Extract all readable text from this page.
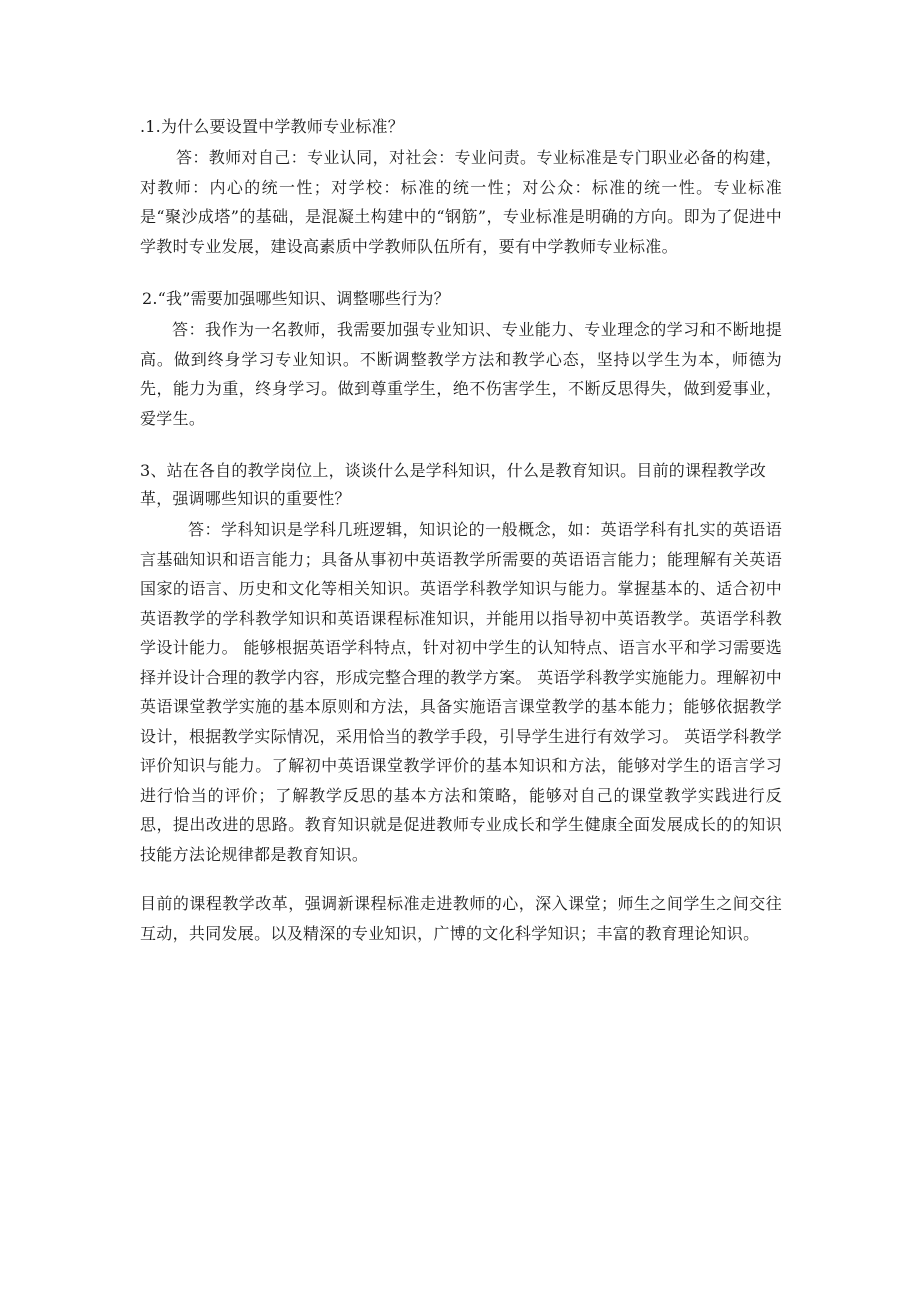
.1.为什么要设置中学教师专业标准？

答：教师对自己：专业认同，对社会：专业问责。专业标准是专门职业必备的构建，对教师：内心的统一性；对学校：标准的统一性；对公众：标准的统一性。专业标准是“聚沙成塔”的基础，是混凝土构建中的“钢筋”，专业标准是明确的方向。即为了促进中学教时专业发展，建设高素质中学教师队伍所有，要有中学教师专业标准。

2.“我”需要加强哪些知识、调整哪些行为？

答：我作为一名教师，我需要加强专业知识、专业能力、专业理念的学习和不断地提高。做到终身学习专业知识。不断调整教学方法和教学心态，坚持以学生为本，师德为先，能力为重，终身学习。做到尊重学生，绝不伤害学生，不断反思得失，做到爱事业，爱学生。

3、站在各自的教学岗位上，谈谈什么是学科知识，什么是教育知识。目前的课程教学改革，强调哪些知识的重要性？

答：学科知识是学科几班逻辑，知识论的一般概念，如：英语学科有扎实的英语语言基础知识和语言能力；具备从事初中英语教学所需要的英语语言能力；能理解有关英语国家的语言、历史和文化等相关知识。英语学科教学知识与能力。掌握基本的、适合初中英语教学的学科教学知识和英语课程标准知识，并能用以指导初中英语教学。英语学科教学设计能力。 能够根据英语学科特点，针对初中学生的认知特点、语言水平和学习需要选择并设计合理的教学内容，形成完整合理的教学方案。 英语学科教学实施能力。理解初中英语课堂教学实施的基本原则和方法，具备实施语言课堂教学的基本能力；能够依据教学设计，根据教学实际情况，采用恰当的教学手段，引导学生进行有效学习。 英语学科教学评价知识与能力。了解初中英语课堂教学评价的基本知识和方法，能够对学生的语言学习进行恰当的评价；了解教学反思的基本方法和策略，能够对自己的课堂教学实践进行反思，提出改进的思路。教育知识就是促进教师专业成长和学生健康全面发展成长的的知识技能方法论规律都是教育知识。

目前的课程教学改革，强调新课程标准走进教师的心，深入课堂；师生之间学生之间交往互动，共同发展。以及精深的专业知识，广博的文化科学知识；丰富的教育理论知识。
